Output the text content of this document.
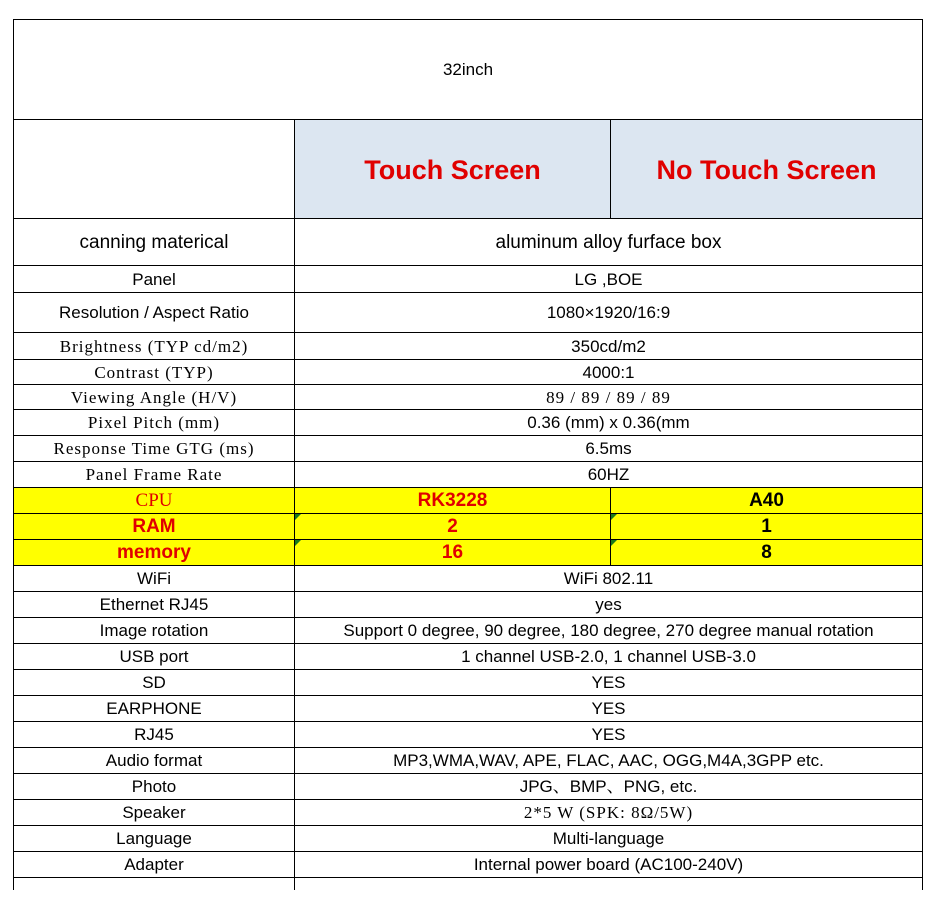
32inch		
	Touch Screen	No Touch Screen
canning materical	aluminum alloy furface box	
Panel	LG ,BOE	
Resolution / Aspect Ratio	1080×1920/16:9	
Brightness (TYP cd/m2)	350cd/m2	
Contrast (TYP)	4000:1	
Viewing Angle (H/V)	89 / 89 / 89 / 89	
Pixel Pitch (mm)	0.36 (mm) x 0.36(mm	
Response Time GTG (ms)	6.5ms	
Panel Frame Rate	60HZ	
CPU	RK3228	A40
RAM	2	1
memory	16	8
WiFi	WiFi 802.11	
Ethernet RJ45	yes	
Image rotation	Support 0 degree, 90 degree, 180 degree, 270 degree manual rotation	
USB port	1 channel USB-2.0, 1 channel USB-3.0	
SD	YES	
EARPHONE	YES	
RJ45	YES	
Audio format	MP3,WMA,WAV, APE, FLAC, AAC, OGG,M4A,3GPP etc.	
Photo	JPG、BMP、PNG, etc.	
Speaker	2*5 W (SPK: 8Ω/5W)	
Language	Multi-language	
Adapter	Internal power board (AC100-240V)	
